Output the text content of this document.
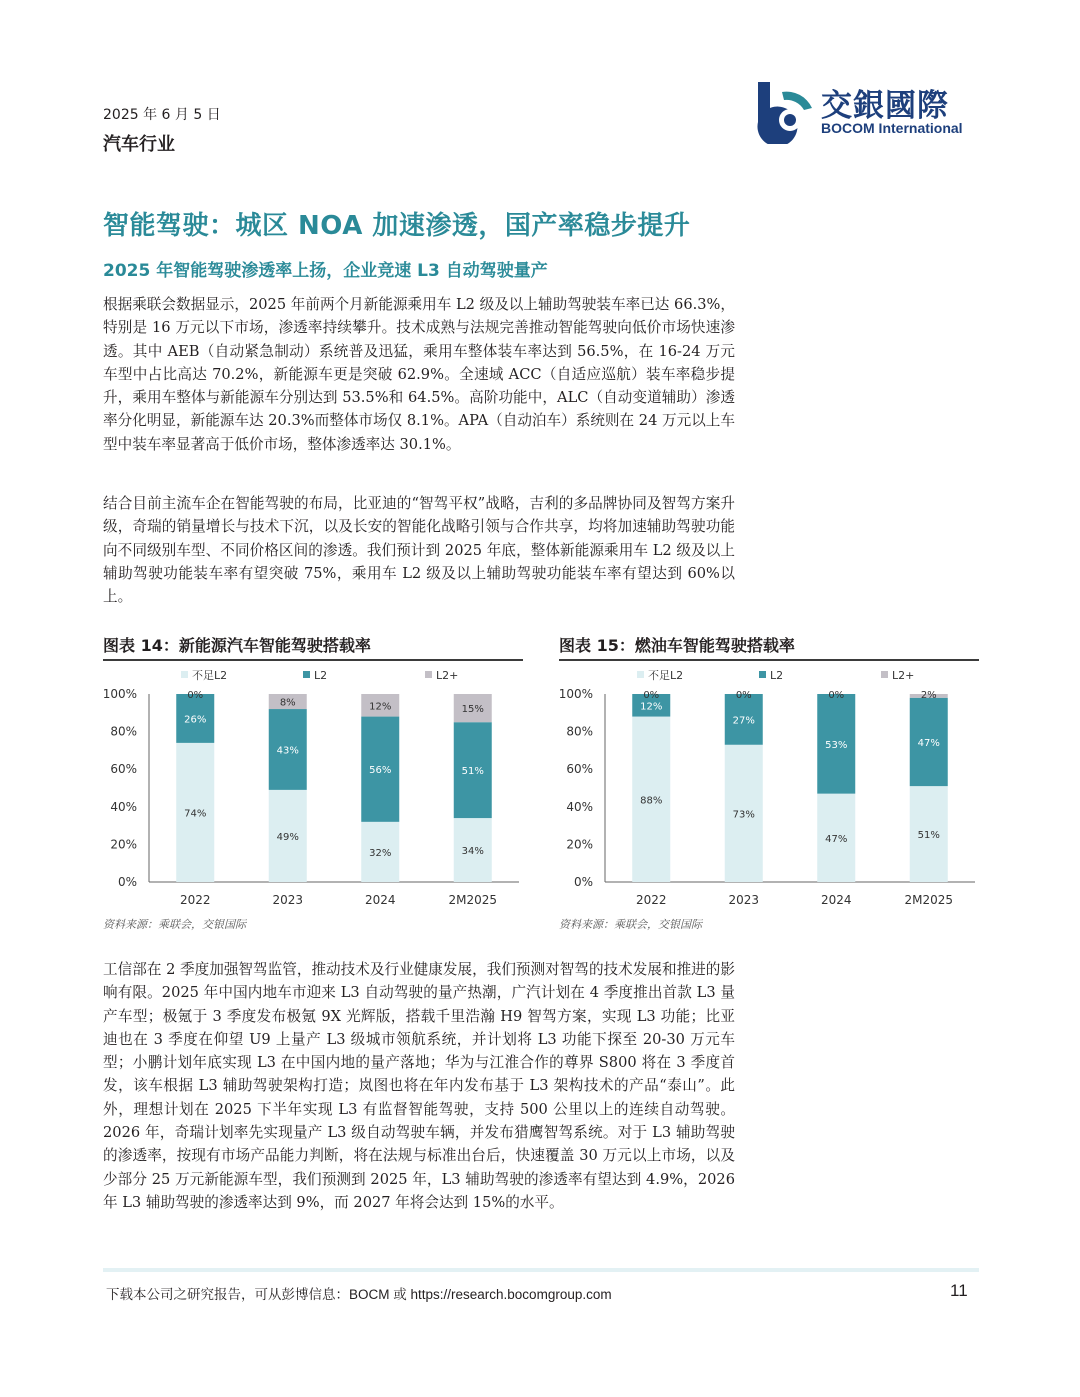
2025 年 6 月 5 日
汽车行业
交銀國際
BOCOM International
智能驾驶：城区 NOA 加速渗透，国产率稳步提升
2025 年智能驾驶渗透率上扬，企业竞速 L3 自动驾驶量产
根据乘联会数据显示，2025 年前两个月新能源乘用车 L2 级及以上辅助驾驶装车率已达 66.3%，特别是 16 万元以下市场，渗透率持续攀升。技术成熟与法规完善推动智能驾驶向低价市场快速渗透。其中 AEB（自动紧急制动）系统普及迅猛，乘用车整体装车率达到 56.5%，在 16-24 万元车型中占比高达 70.2%，新能源车更是突破 62.9%。全速域 ACC（自适应巡航）装车率稳步提升，乘用车整体与新能源车分别达到 53.5%和 64.5%。高阶功能中，ALC（自动变道辅助）渗透率分化明显，新能源车达 20.3%而整体市场仅 8.1%。APA（自动泊车）系统则在 24 万元以上车型中装车率显著高于低价市场，整体渗透率达 30.1%。
结合目前主流车企在智能驾驶的布局，比亚迪的“智驾平权”战略，吉利的多品牌协同及智驾方案升级，奇瑞的销量增长与技术下沉，以及长安的智能化战略引领与合作共享，均将加速辅助驾驶功能向不同级别车型、不同价格区间的渗透。我们预计到 2025 年底，整体新能源乘用车 L2 级及以上辅助驾驶功能装车率有望突破 75%，乘用车 L2 级及以上辅助驾驶功能装车率有望达到 60%以上。
图表 14：新能源汽车智能驾驶搭载率	图表 15：燃油车智能驾驶搭载率
不足L2	L2	L2+
0%
20%
40%
60%
80%
100%
74%
26%
0%
2022
49%
43%
8%
2023
32%
56%
12%
2024
34%
51%
15%
2M2025
不足L2	L2	L2+
0%
20%
40%
60%
80%
100%
88%
12%
0%
2022
73%
27%
0%
2023
47%
53%
0%
2024
51%
47%
2%
2M2025
资料来源：乘联会，交银国际	资料来源：乘联会，交银国际
工信部在 2 季度加强智驾监管，推动技术及行业健康发展，我们预测对智驾的技术发展和推进的影响有限。2025 年中国内地车市迎来 L3 自动驾驶的量产热潮，广汽计划在 4 季度推出首款 L3 量产车型；极氪于 3 季度发布极氪 9X 光辉版，搭载千里浩瀚 H9 智驾方案，实现 L3 功能；比亚迪也在 3 季度在仰望 U9 上量产 L3 级城市领航系统，并计划将 L3 功能下探至 20-30 万元车型；小鹏计划年底实现 L3 在中国内地的量产落地；华为与江淮合作的尊界 S800 将在 3 季度首发，该车根据 L3 辅助驾驶架构打造；岚图也将在年内发布基于 L3 架构技术的产品“泰山”。此外，理想计划在 2025 下半年实现 L3 有监督智能驾驶，支持 500 公里以上的连续自动驾驶。2026 年，奇瑞计划率先实现量产 L3 级自动驾驶车辆，并发布猎鹰智驾系统。对于 L3 辅助驾驶的渗透率，按现有市场产品能力判断，将在法规与标准出台后，快速覆盖 30 万元以上市场，以及少部分 25 万元新能源车型，我们预测到 2025 年，L3 辅助驾驶的渗透率有望达到 4.9%，2026 年 L3 辅助驾驶的渗透率达到 9%，而 2027 年将会达到 15%的水平。
下载本公司之研究报告，可从彭博信息：BOCM 或 https://research.bocomgroup.com	11
